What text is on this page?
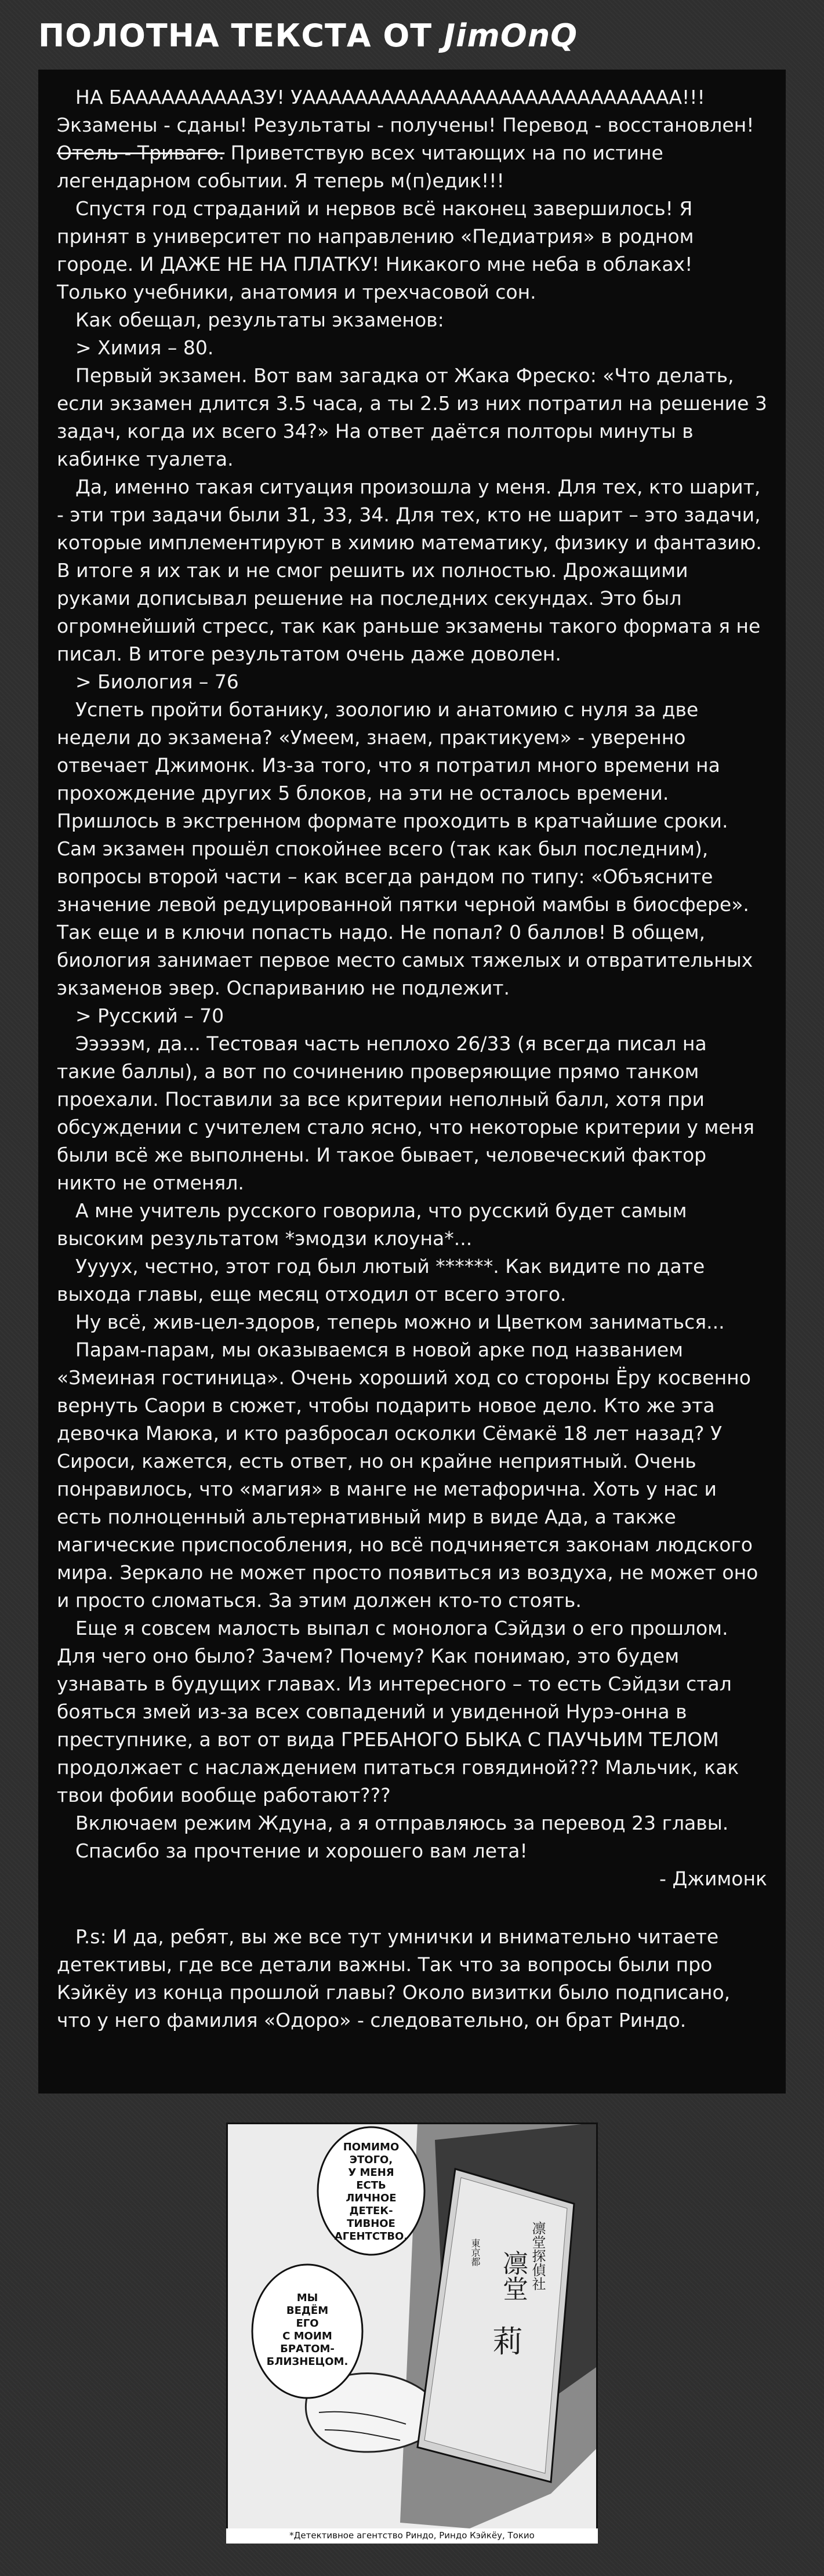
ПОЛОТНА ТЕКСТА ОТ JimOnQ

НА БААААААААААЗУ! УААААААААААААААААААААААААААААА!!! Экзамены - сданы! Результаты - получены! Перевод - восстановлен! Отель - Триваго. Приветствую всех читающих на по истине легендарном событии. Я теперь м(п)едик!!!

Спустя год страданий и нервов всё наконец завершилось! Я принят в университет по направлению «Педиатрия» в родном городе. И ДАЖЕ НЕ НА ПЛАТКУ! Никакого мне неба в облаках! Только учебники, анатомия и трехчасовой сон.

Как обещал, результаты экзаменов:

> Химия – 80.

Первый экзамен. Вот вам загадка от Жака Фреско: «Что делать, если экзамен длится 3.5 часа, а ты 2.5 из них потратил на решение 3 задач, когда их всего 34?» На ответ даётся полторы минуты в кабинке туалета.

Да, именно такая ситуация произошла у меня. Для тех, кто шарит, - эти три задачи были 31, 33, 34. Для тех, кто не шарит – это задачи, которые имплементируют в химию математику, физику и фантазию. В итоге я их так и не смог решить их полностью. Дрожащими руками дописывал решение на последних секундах. Это был огромнейший стресс, так как раньше экзамены такого формата я не писал. В итоге результатом очень даже доволен.

> Биология – 76

Успеть пройти ботанику, зоологию и анатомию с нуля за две недели до экзамена? «Умеем, знаем, практикуем» - уверенно отвечает Джимонк. Из-за того, что я потратил много времени на прохождение других 5 блоков, на эти не осталось времени. Пришлось в экстренном формате проходить в кратчайшие сроки. Сам экзамен прошёл спокойнее всего (так как был последним), вопросы второй части – как всегда рандом по типу: «Объясните значение левой редуцированной пятки черной мамбы в биосфере». Так еще и в ключи попасть надо. Не попал? 0 баллов! В общем, биология занимает первое место самых тяжелых и отвратительных экзаменов эвер. Оспариванию не подлежит.

> Русский – 70

Эээээм, да... Тестовая часть неплохо 26/33 (я всегда писал на такие баллы), а вот по сочинению проверяющие прямо танком проехали. Поставили за все критерии неполный балл, хотя при обсуждении с учителем стало ясно, что некоторые критерии у меня были всё же выполнены. И такое бывает, человеческий фактор никто не отменял.

А мне учитель русского говорила, что русский будет самым высоким результатом *эмодзи клоуна*...

Ууууx, честно, этот год был лютый ******. Как видите по дате выхода главы, еще месяц отходил от всего этого.

Ну всё, жив-цел-здоров, теперь можно и Цветком заниматься...

Парам-парам, мы оказываемся в новой арке под названием «Змеиная гостиница». Очень хороший ход со стороны Ёру косвенно вернуть Саори в сюжет, чтобы подарить новое дело. Кто же эта девочка Маюка, и кто разбросал осколки Сёмакё 18 лет назад? У Сироси, кажется, есть ответ, но он крайне неприятный. Очень понравилось, что «магия» в манге не метафорична. Хоть у нас и есть полноценный альтернативный мир в виде Ада, а также магические приспособления, но всё подчиняется законам людского мира. Зеркало не может просто появиться из воздуха, не может оно и просто сломаться. За этим должен кто-то стоять.

Еще я совсем малость выпал с монолога Сэйдзи о его прошлом. Для чего оно было? Зачем? Почему? Как понимаю, это будем узнавать в будущих главах. Из интересного – то есть Сэйдзи стал бояться змей из-за всех совпадений и увиденной Нурэ-онна в преступнике, а вот от вида ГРЕБАНОГО БЫКА С ПАУЧЬИМ ТЕЛОМ продолжает с наслаждением питаться говядиной??? Мальчик, как твои фобии вообще работают???

Включаем режим Ждуна, а я отправляюсь за перевод 23 главы.

Спасибо за прочтение и хорошего вам лета!

- Джимонк

P.s: И да, ребят, вы же все тут умнички и внимательно читаете детективы, где все детали важны. Так что за вопросы были про Кэйкёу из конца прошлой главы? Около визитки было подписано, что у него фамилия «Одоро» - следовательно, он брат Риндо.

ПОМИМО
ЭТОГО,
У МЕНЯ
ЕСТЬ
ЛИЧНОЕ
ДЕТЕК-
ТИВНОЕ
АГЕНТСТВО.
МЫ
ВЕДЁМ
ЕГО
С МОИМ
БРАТОМ-
БЛИЗНЕЦОМ.
凛堂探偵社
凛堂
莉
東京都
*Детективное агентство Риндо, Риндо Кэйкёу, Токио
